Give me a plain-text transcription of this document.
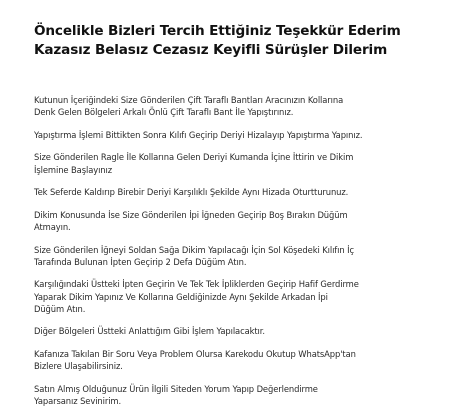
Öncelikle Bizleri Tercih Ettiğiniz Teşekkür Ederim
Kazasız Belasız Cezasız Keyifli Sürüşler Dilerim

Kutunun İçeriğindeki Size Gönderilen Çift Taraflı Bantları Aracınızın Kollarına
Denk Gelen Bölgeleri Arkalı Önlü Çift Taraflı Bant İle Yapıştırınız.

Yapıştırma İşlemi Bittikten Sonra Kılıfı Geçirip Deriyi Hizalayıp Yapıştırma Yapınız.

Size Gönderilen Ragle İle Kollarına Gelen Deriyi Kumanda İçine İttirin ve Dikim
İşlemine Başlayınız

Tek Seferde Kaldırıp Birebir Deriyi Karşılıklı Şekilde Aynı Hizada Oturtturunuz.

Dikim Konusunda İse Size Gönderilen İpi İğneden Geçirip Boş Bırakın Düğüm
Atmayın.

Size Gönderilen İğneyi Soldan Sağa Dikim Yapılacağı İçin Sol Köşedeki Kılıfın İç
Tarafında Bulunan İpten Geçirip 2 Defa Düğüm Atın.

Karşılığındaki Üstteki İpten Geçirin Ve Tek Tek İpliklerden Geçirip Hafif Gerdirme
Yaparak Dikim Yapınız Ve Kollarına Geldiğinizde Aynı Şekilde Arkadan İpi
Düğüm Atın.

Diğer Bölgeleri Üstteki Anlattığım Gibi İşlem Yapılacaktır.

Kafanıza Takılan Bir Soru Veya Problem Olursa Karekodu Okutup WhatsApp'tan
Bizlere Ulaşabilirsiniz.

Satın Almış Olduğunuz Ürün İlgili Siteden Yorum Yapıp Değerlendirme
Yaparsanız Sevinirim.
